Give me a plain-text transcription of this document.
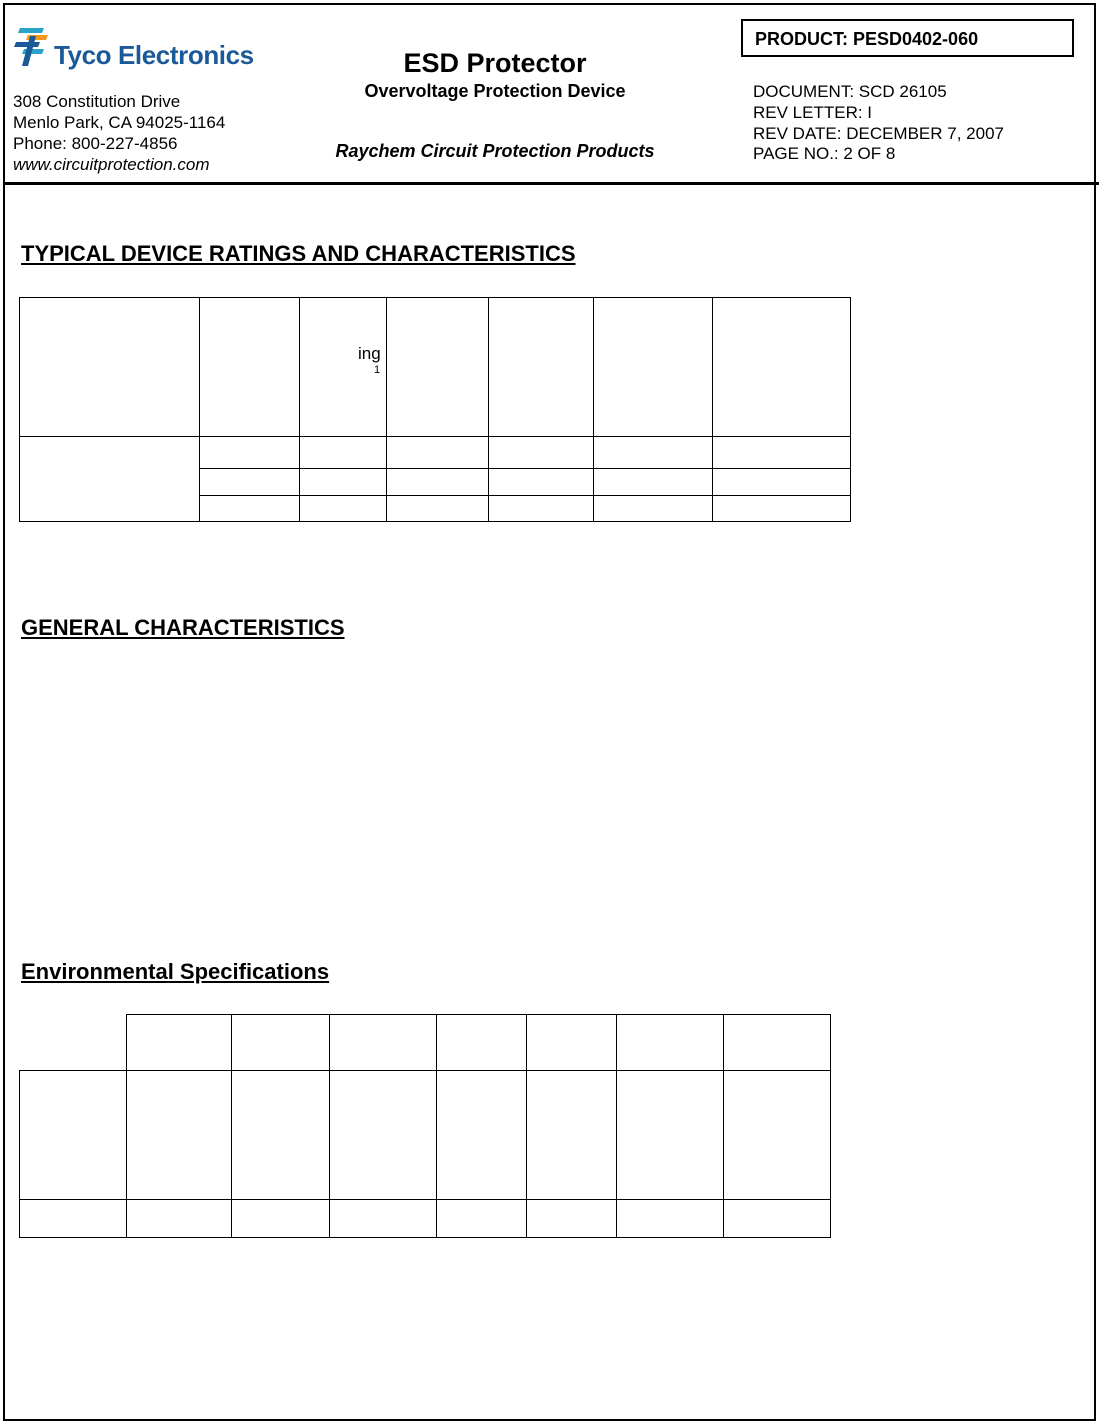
Tyco Electronics
308 Constitution Drive
Menlo Park, CA 94025-1164
Phone: 800-227-4856
www.circuitprotection.com
ESD Protector
Overvoltage Protection Device
Raychem Circuit Protection Products
PRODUCT: PESD0402-060
DOCUMENT: SCD 26105
REV LETTER: I
REV DATE: DECEMBER 7, 2007
PAGE NO.: 2 OF 8
TYPICAL DEVICE RATINGS AND CHARACTERISTICS
GENERAL CHARACTERISTICS
Environmental Specifications
ing
1
